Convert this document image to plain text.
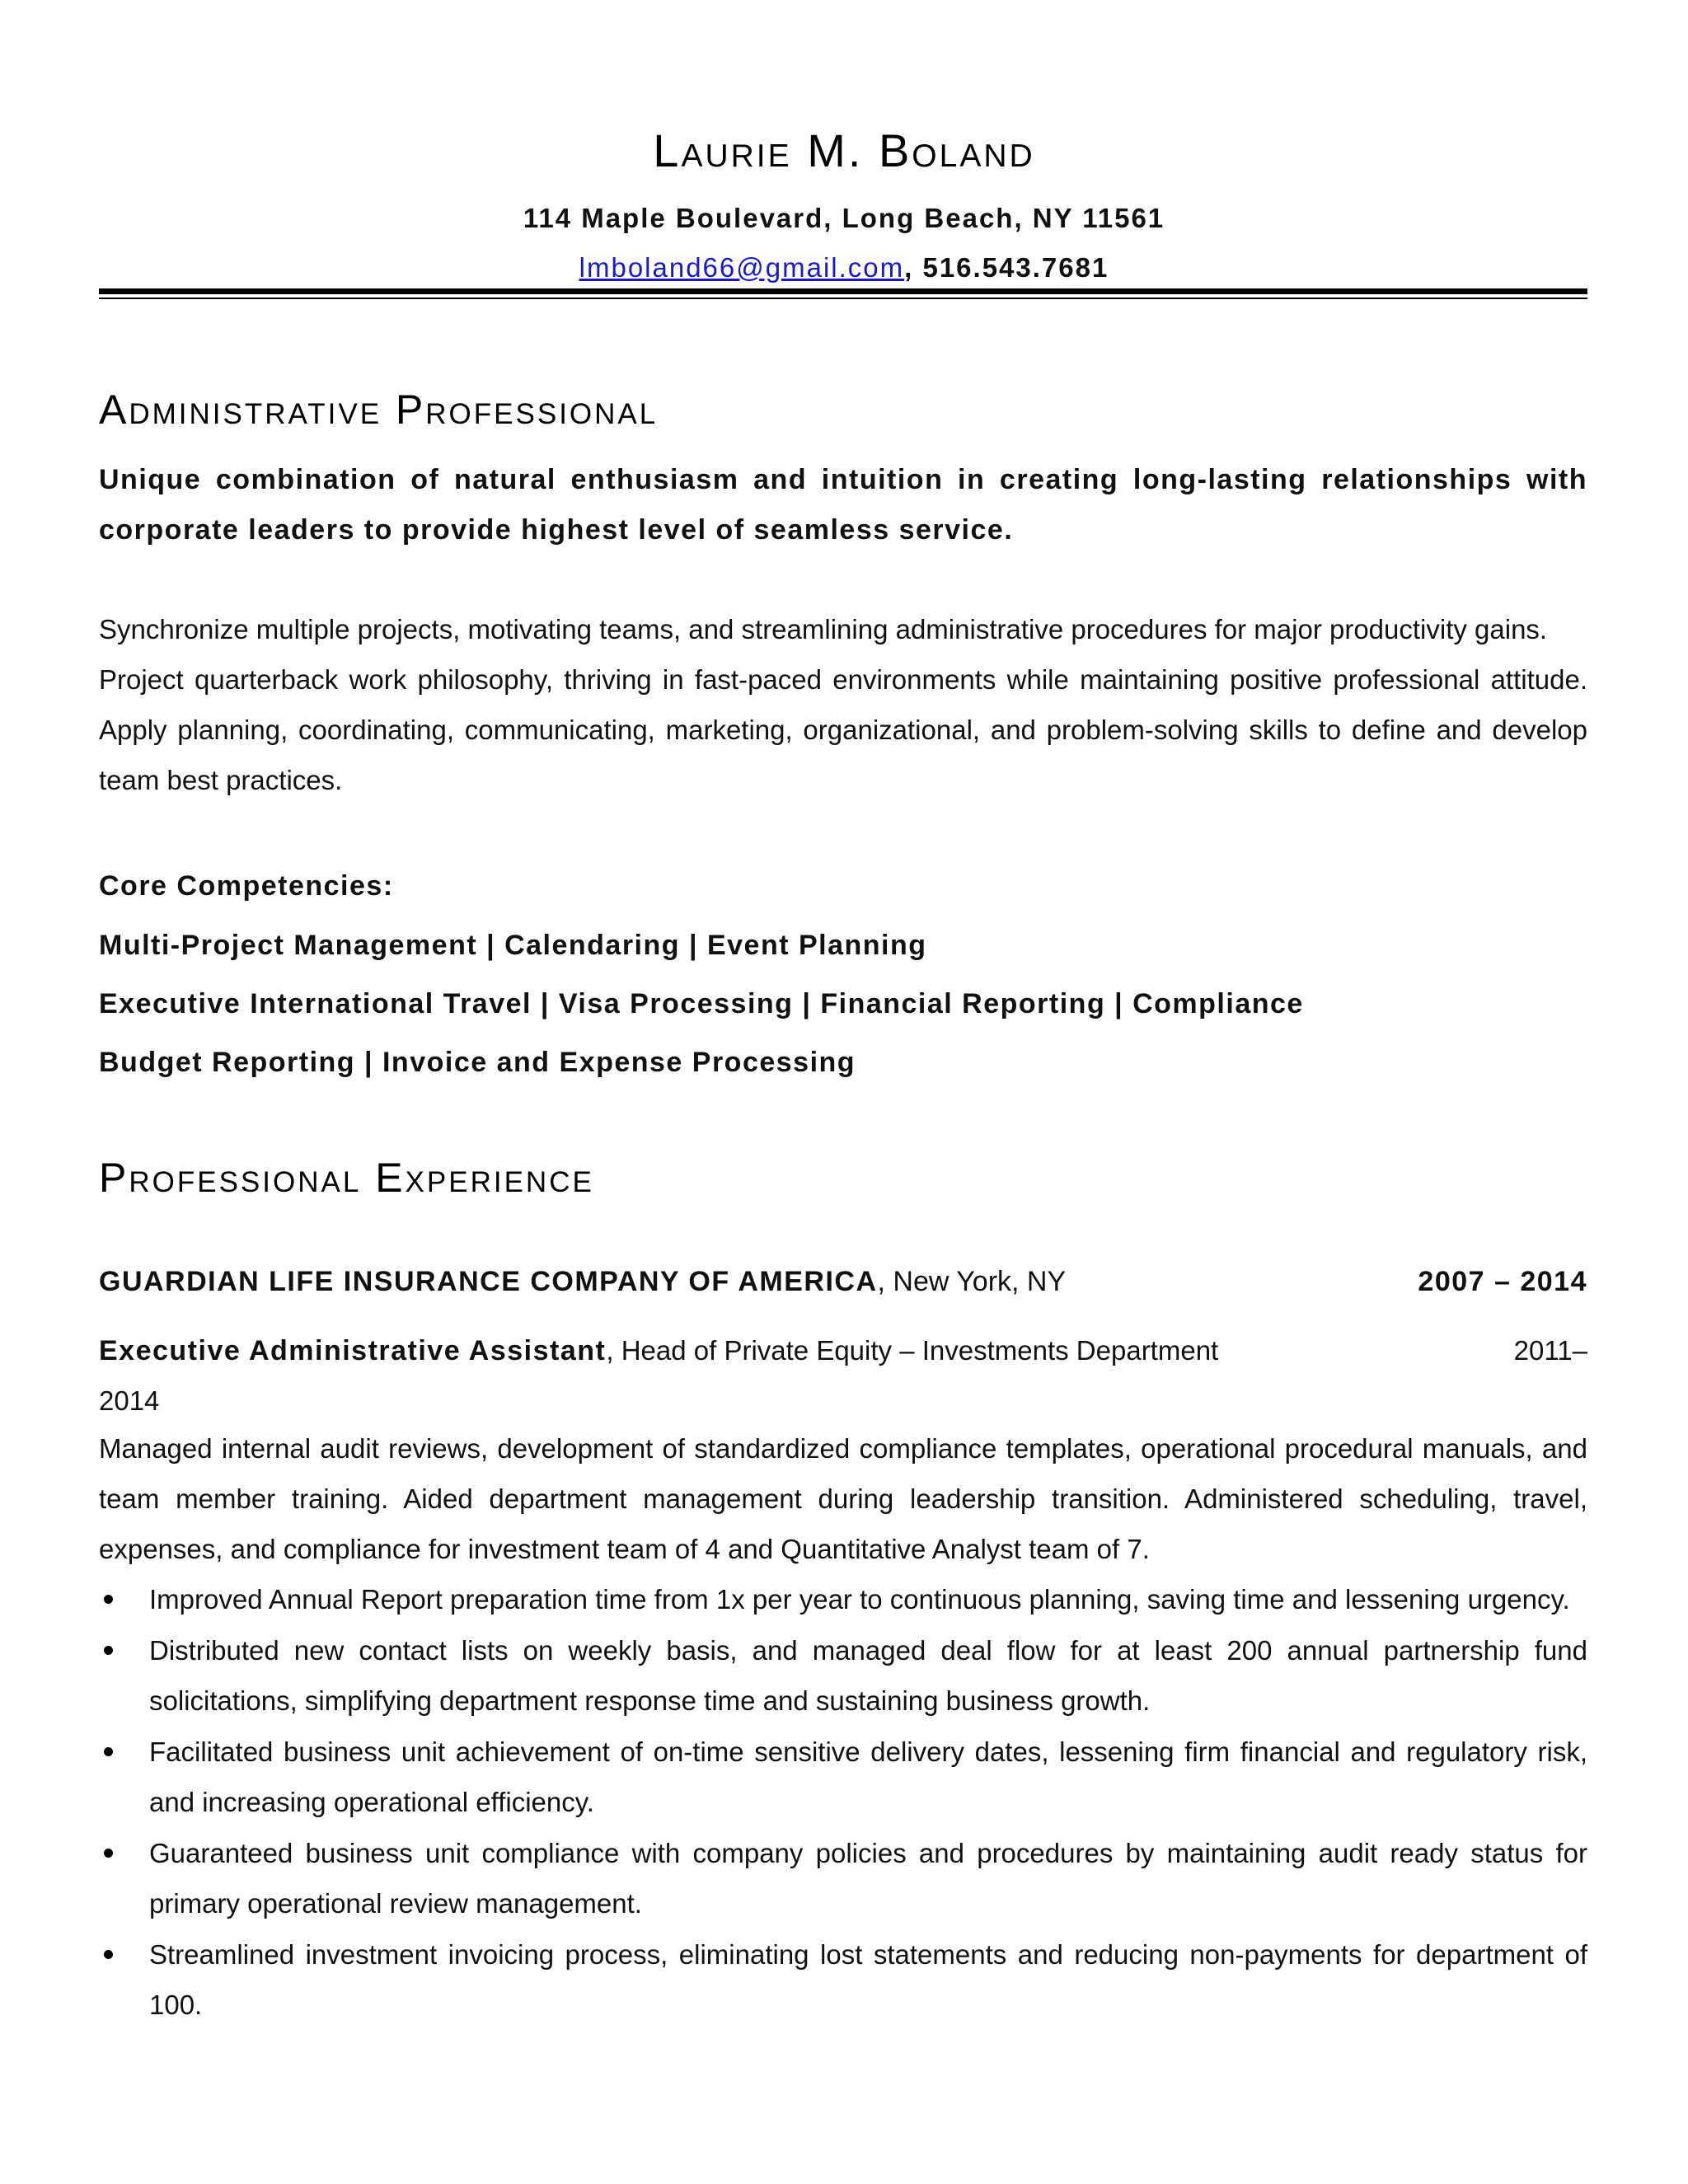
Laurie M. Boland
114 Maple Boulevard, Long Beach, NY 11561
lmboland66@gmail.com, 516.543.7681
Administrative Professional
Unique combination of natural enthusiasm and intuition in creating long-lasting relationships with corporate leaders to provide highest level of seamless service.

Synchronize multiple projects, motivating teams, and streamlining administrative procedures for major productivity gains.

Project quarterback work philosophy, thriving in fast-paced environments while maintaining positive professional attitude. Apply planning, coordinating, communicating, marketing, organizational, and problem-solving skills to define and develop team best practices.

Core Competencies:
Multi-Project Management | Calendaring | Event Planning
Executive International Travel | Visa Processing | Financial Reporting | Compliance
Budget Reporting | Invoice and Expense Processing
Professional Experience
GUARDIAN LIFE INSURANCE COMPANY OF AMERICA, New York, NY	2007 – 2014
Executive Administrative Assistant, Head of Private Equity – Investments Department	2011–
2014

Managed internal audit reviews, development of standardized compliance templates, operational procedural manuals, and team member training. Aided department management during leadership transition. Administered scheduling, travel, expenses, and compliance for investment team of 4 and Quantitative Analyst team of 7.

Improved Annual Report preparation time from 1x per year to continuous planning, saving time and lessening urgency.
Distributed new contact lists on weekly basis, and managed deal flow for at least 200 annual partnership fund solicitations, simplifying department response time and sustaining business growth.
Facilitated business unit achievement of on-time sensitive delivery dates, lessening firm financial and regulatory risk, and increasing operational efficiency.
Guaranteed business unit compliance with company policies and procedures by maintaining audit ready status for primary operational review management.
Streamlined investment invoicing process, eliminating lost statements and reducing non-payments for department of 100.
